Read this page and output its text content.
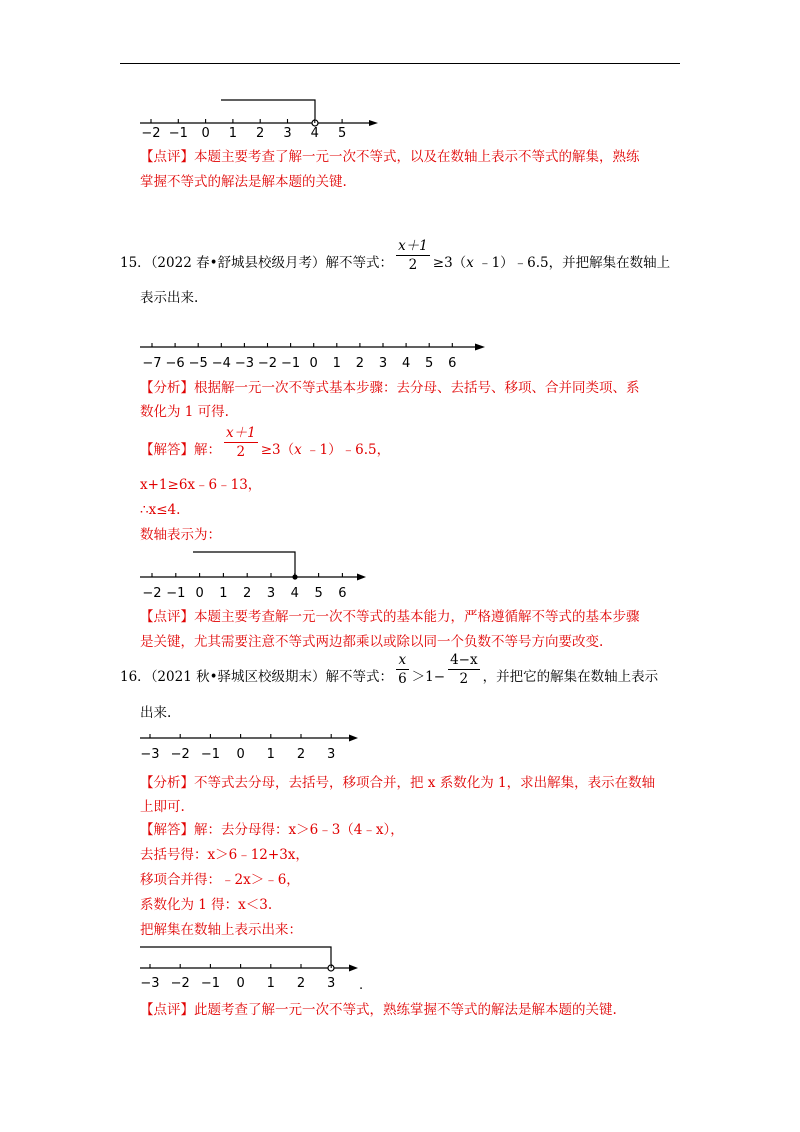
−2 −1 0 1 2 3 4 5
【点评】本题主要考查了解一元一次不等式，以及在数轴上表示不等式的解集，熟练
掌握不等式的解法是解本题的关键.
15．（2022 春•舒城县校级月考）解不等式： $\frac{x+1}{2} \ge 3(x$ ﹣1）﹣6.5，并把解集在数轴上
表示出来.
−7 −6 −5 −4 −3 −2 −1 0 1 2 3 4 5 6
【分析】根据解一元一次不等式基本步骤：去分母、去括号、移项、合并同类项、系
数化为 1 可得.
【解答】解： $\frac{x+1}{2} \ge 3(x$ ﹣1）﹣6.5，
x+1≥6x﹣6﹣13，
∴x≤4.
数轴表示为：
−2 −1 0 1 2 3 4 5 6
【点评】本题主要考查解一元一次不等式的基本能力，严格遵循解不等式的基本步骤
是关键，尤其需要注意不等式两边都乘以或除以同一个负数不等号方向要改变.
16．（2021 秋•驿城区校级期末）解不等式： $\frac{x}{6} >1- \frac{4-x}{2}$ ，并把它的解集在数轴上表示
出来.
−3 −2 −1 0 1 2 3
【分析】不等式去分母，去括号，移项合并，把 x 系数化为 1，求出解集，表示在数轴
上即可.
【解答】解：去分母得：x＞6﹣3（4﹣x），
去括号得：x＞6﹣12+3x，
移项合并得：﹣2x＞﹣6，
系数化为 1 得：x＜3.
把解集在数轴上表示出来：
−3 −2 −1 0 1 2 3 .
【点评】此题考查了解一元一次不等式，熟练掌握不等式的解法是解本题的关键.
